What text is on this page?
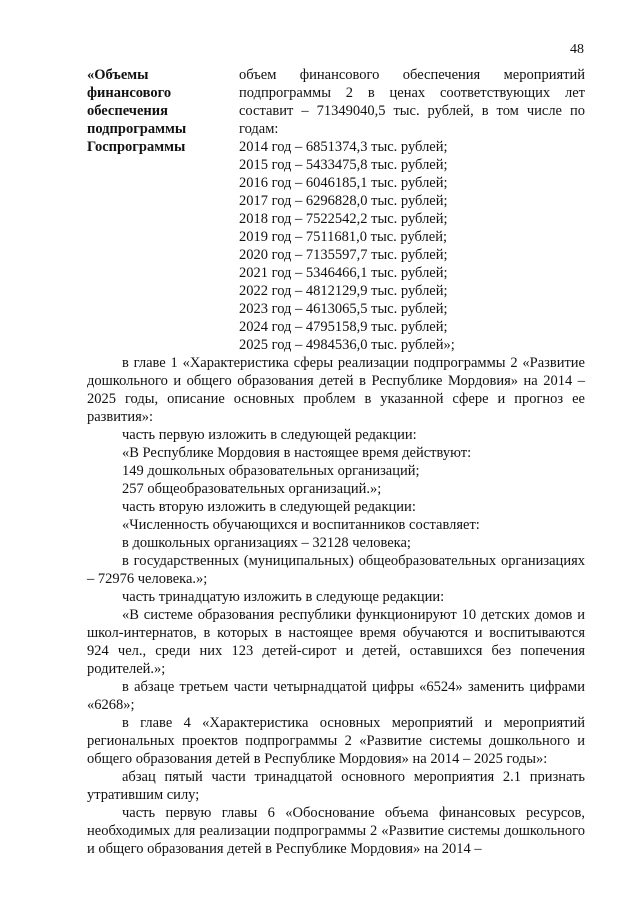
48
«Объемы
финансового
обеспечения
подпрограммы
Госпрограммы

объем финансового обеспечения мероприятий подпрограммы 2 в ценах соответствующих лет составит – 71349040,5 тыс. рублей, в том числе по годам:

2014 год – 6851374,3 тыс. рублей;
2015 год – 5433475,8 тыс. рублей;
2016 год – 6046185,1 тыс. рублей;
2017 год – 6296828,0 тыс. рублей;
2018 год – 7522542,2 тыс. рублей;
2019 год – 7511681,0 тыс. рублей;
2020 год – 7135597,7 тыс. рублей;
2021 год – 5346466,1 тыс. рублей;
2022 год – 4812129,9 тыс. рублей;
2023 год – 4613065,5 тыс. рублей;
2024 год – 4795158,9 тыс. рублей;
2025 год – 4984536,0 тыс. рублей»;

в главе 1 «Характеристика сферы реализации подпрограммы 2 «Развитие дошкольного и общего образования детей в Республике Мордовия» на 2014 – 2025 годы, описание основных проблем в указанной сфере и прогноз ее развития»:

часть первую изложить в следующей редакции:

«В Республике Мордовия в настоящее время действуют:

149 дошкольных образовательных организаций;

257 общеобразовательных организаций.»;

часть вторую изложить в следующей редакции:

«Численность обучающихся и воспитанников составляет:

в дошкольных организациях – 32128 человека;

в государственных (муниципальных) общеобразовательных организациях – 72976 человека.»;

часть тринадцатую изложить в следующе редакции:

«В системе образования республики функционируют 10 детских домов и школ-интернатов, в которых в настоящее время обучаются и воспитываются 924 чел., среди них 123 детей-сирот и детей, оставшихся без попечения родителей.»;

в абзаце третьем части четырнадцатой цифры «6524» заменить цифрами «6268»;

в главе 4 «Характеристика основных мероприятий и мероприятий региональных проектов подпрограммы 2 «Развитие системы дошкольного и общего образования детей в Республике Мордовия» на 2014 – 2025 годы»:

абзац пятый части тринадцатой основного мероприятия 2.1 признать утратившим силу;

часть первую главы 6 «Обоснование объема финансовых ресурсов, необходимых для реализации подпрограммы 2 «Развитие системы дошкольного и общего образования детей в Республике Мордовия» на 2014 –
